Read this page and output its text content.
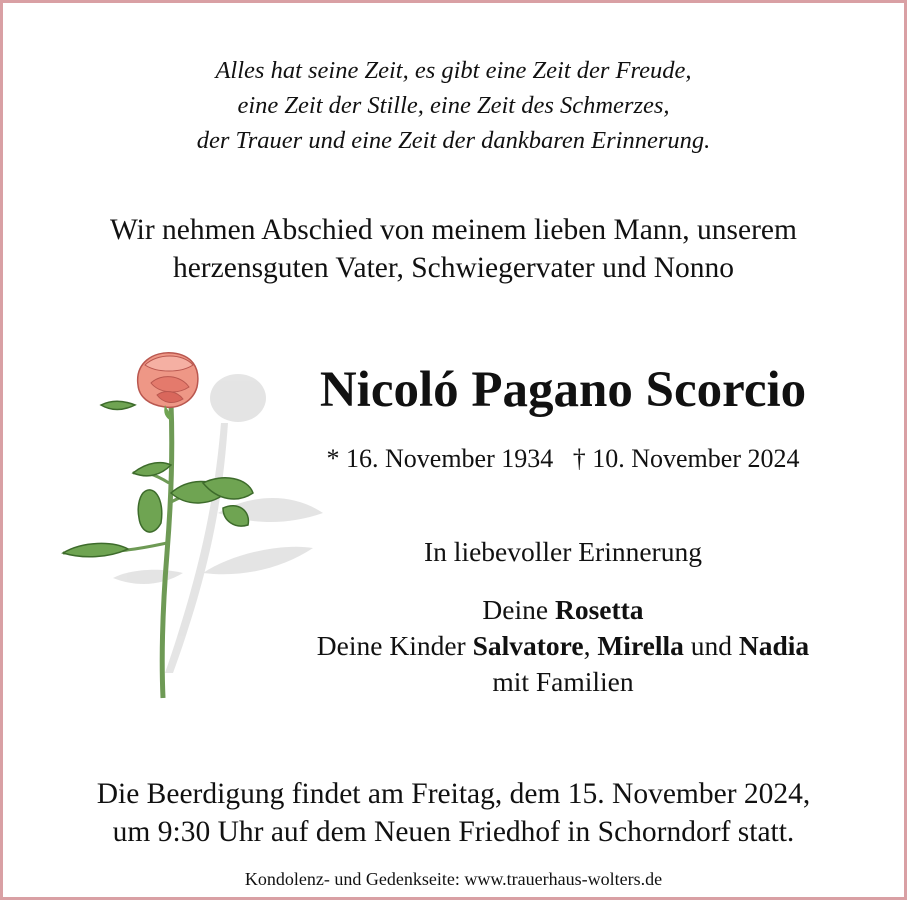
Alles hat seine Zeit, es gibt eine Zeit der Freude,
eine Zeit der Stille, eine Zeit des Schmerzes,
der Trauer und eine Zeit der dankbaren Erinnerung.
Wir nehmen Abschied von meinem lieben Mann, unserem
herzensguten Vater, Schwiegervater und Nonno
Nicoló Pagano Scorcio
* 16. November 1934   † 10. November 2024
In liebevoller Erinnerung
Deine Rosetta
Deine Kinder Salvatore, Mirella und Nadia
mit Familien
Die Beerdigung findet am Freitag, dem 15. November 2024,
um 9:30 Uhr auf dem Neuen Friedhof in Schorndorf statt.
Kondolenz- und Gedenkseite: www.trauerhaus-wolters.de
